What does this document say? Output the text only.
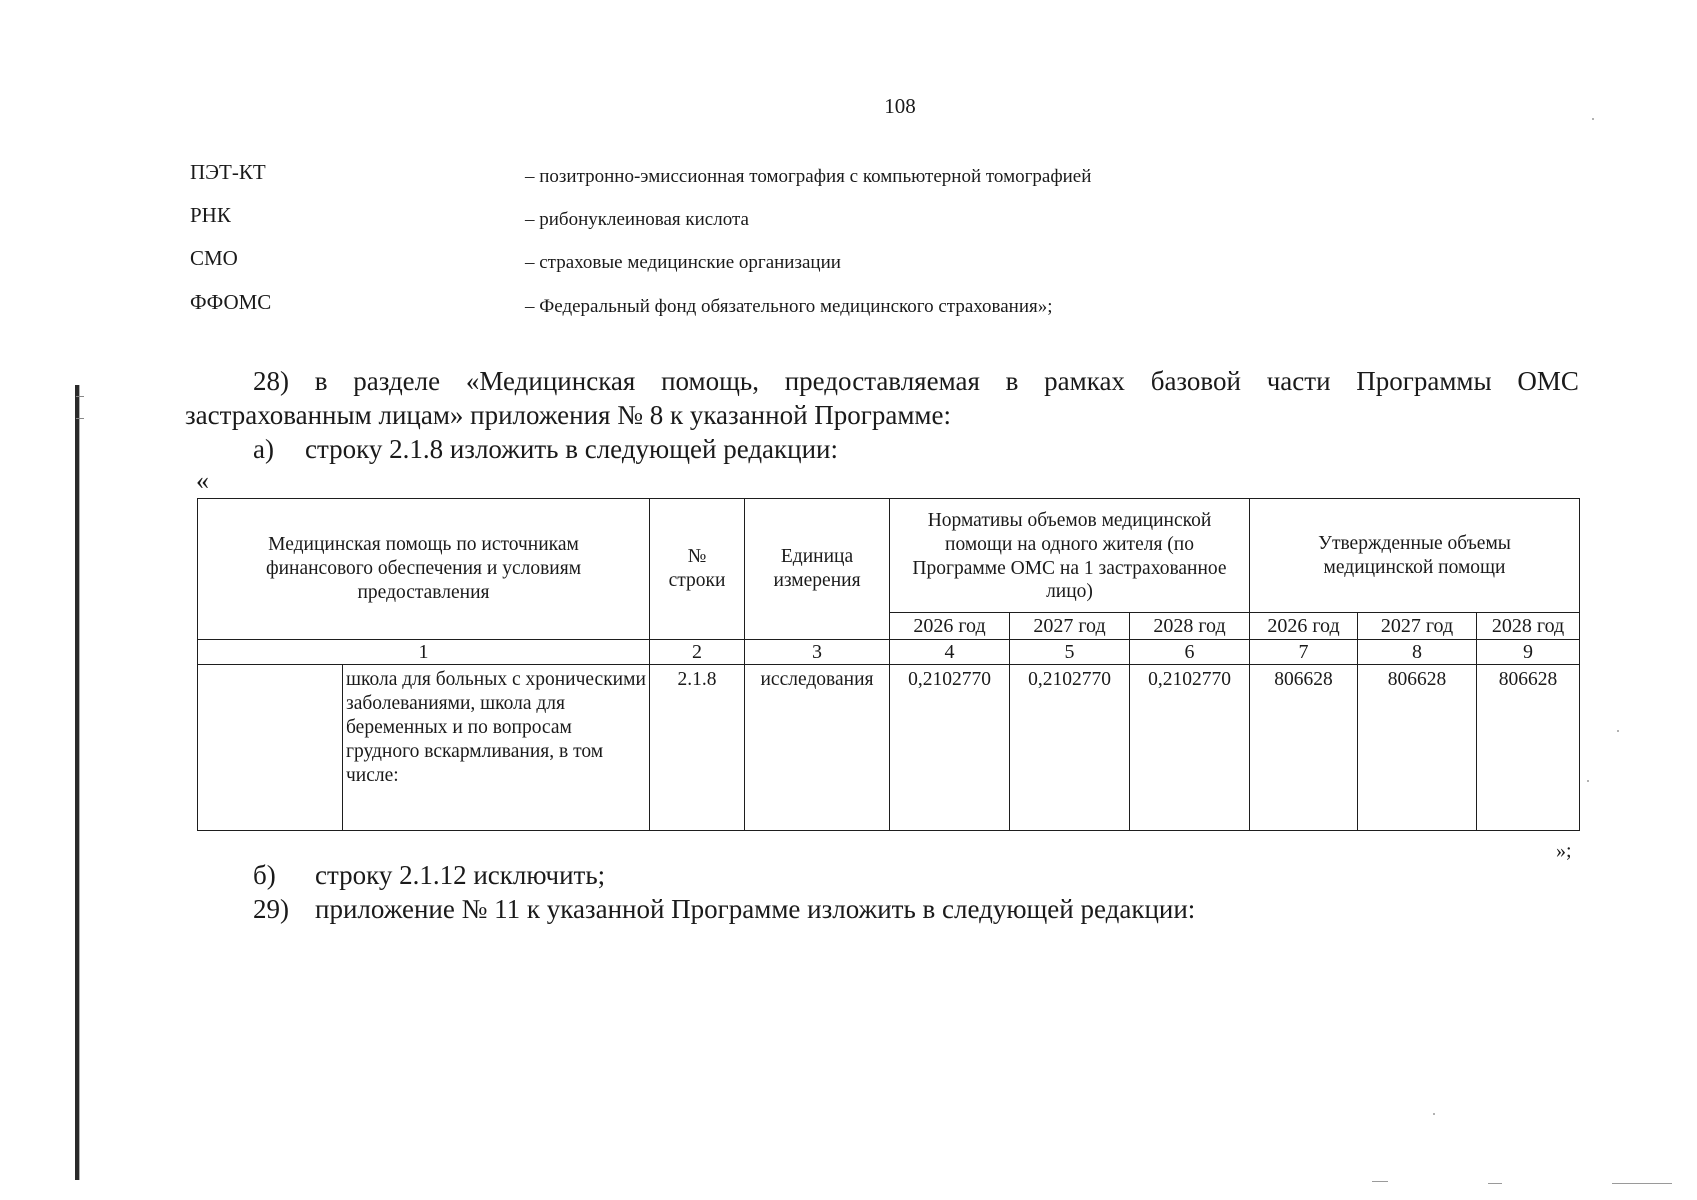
108
ПЭТ-КТ	– позитронно-эмиссионная томография с компьютерной томографией
РНК	– рибонуклеиновая кислота
СМО	– страховые медицинские организации
ФФОМС	– Федеральный фонд обязательного медицинского страхования»;
28) в разделе «Медицинская помощь, предоставляемая в рамках базовой части Программы ОМС
застрахованным лицам» приложения № 8 к указанной Программе:
а) строку 2.1.8 изложить в следующей редакции:
«
Медицинская помощь по источникам финансового обеспечения и условиям предоставления		№ строки	Единица измерения	Нормативы объемов медицинской помощи на одного жителя (по Программе ОМС на 1 застрахованное лицо)			Утвержденные объемы медицинской помощи		
				2026 год	2027 год	2028 год	2026 год	2027 год	2028 год
1		2	3	4	5	6	7	8	9
	школа для больных с хроническими заболеваниями, школа для беременных и по вопросам грудного вскармливания, в том числе:	2.1.8	исследования	0,2102770	0,2102770	0,2102770	806628	806628	806628
»;
б) строку 2.1.12 исключить;
29) приложение № 11 к указанной Программе изложить в следующей редакции:
